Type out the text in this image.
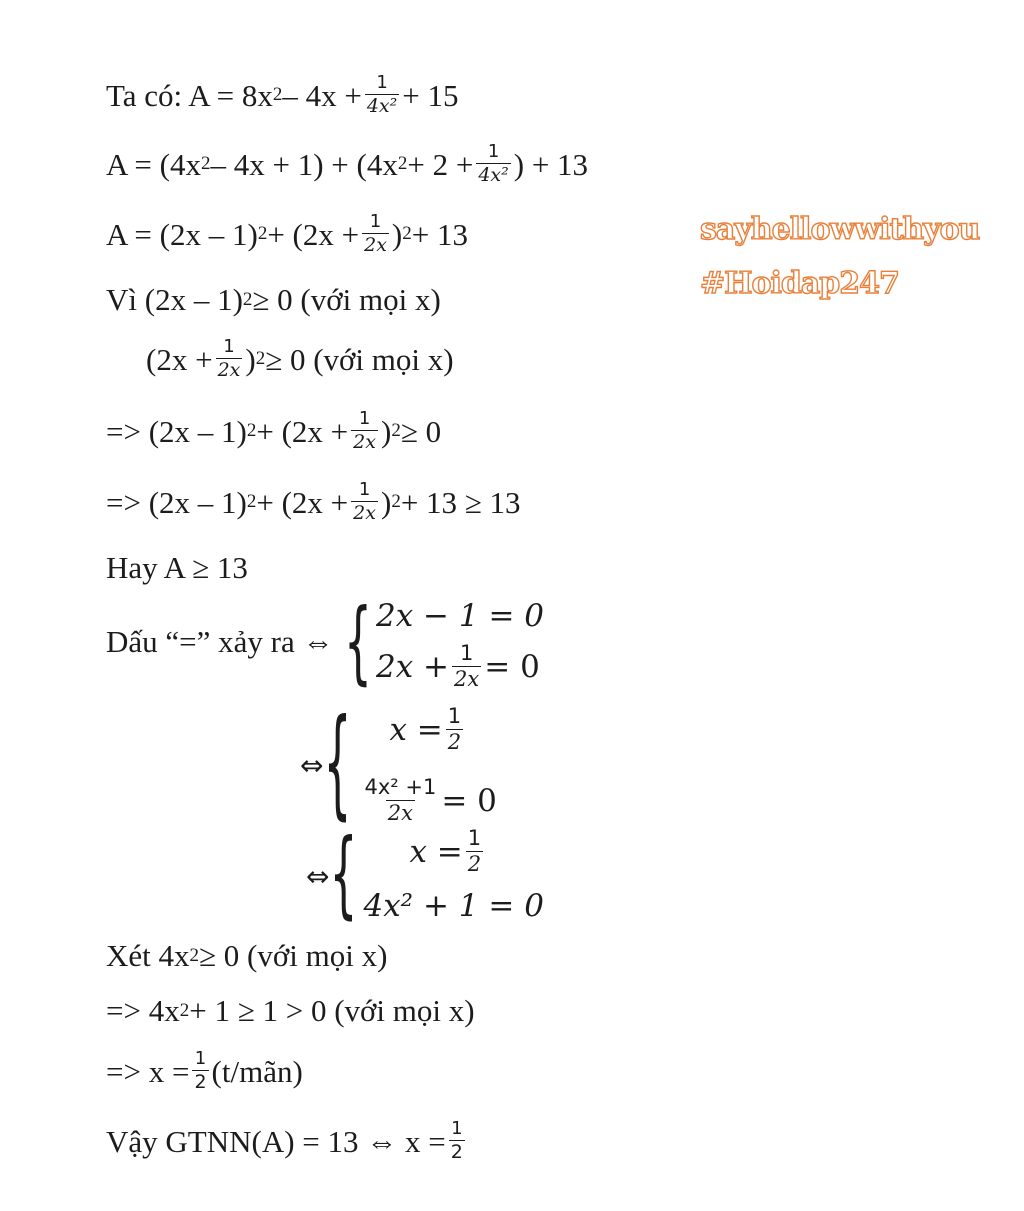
sayhellowwithyou
#Hoidap247
Ta có: A = 8x $2 - 4x + \frac{1}{\text{4x²}} + 15$
A = (4x 2 – 4x + 1) + (4x $2 + 2 + \frac{1}{\text{4x²}}$ ) + 13
A = (2x – 1) $2 + (2x + \frac{1}{2x}$ ) 2 + 13
Vì (2x – 1) 2 ≥ 0 (với mọi x)
($2x + \frac{1}{2x}$ ) 2 ≥ 0 (với mọi x)
=> (2x – 1) $2 + (2x + \frac{1}{2x}$ ) 2 ≥ 0
=> (2x – 1) $2 + (2x + \frac{1}{2x}$ ) 2 + 13 ≥ 13
Hay A ≥ 13
Dấu “=” xảy ra ⇔ { 2x − 1 = 0
$2x + \frac{1}{2x} = 0$
⇔ { $x = \frac{1}{2}$
$\frac{\text{4x² +1}}{2x} = 0$
⇔ { $x = \frac{1}{2}$
4x² + 1 = 0
Xét 4x 2 ≥ 0 (với mọi x)
=> 4x 2 + 1 ≥ 1 > 0 (với mọi x)
=> $x = \frac{1}{2}$ (t/mãn)
Vậy GTNN(A) = 13 ⇔ $x = \frac{1}{2}$
